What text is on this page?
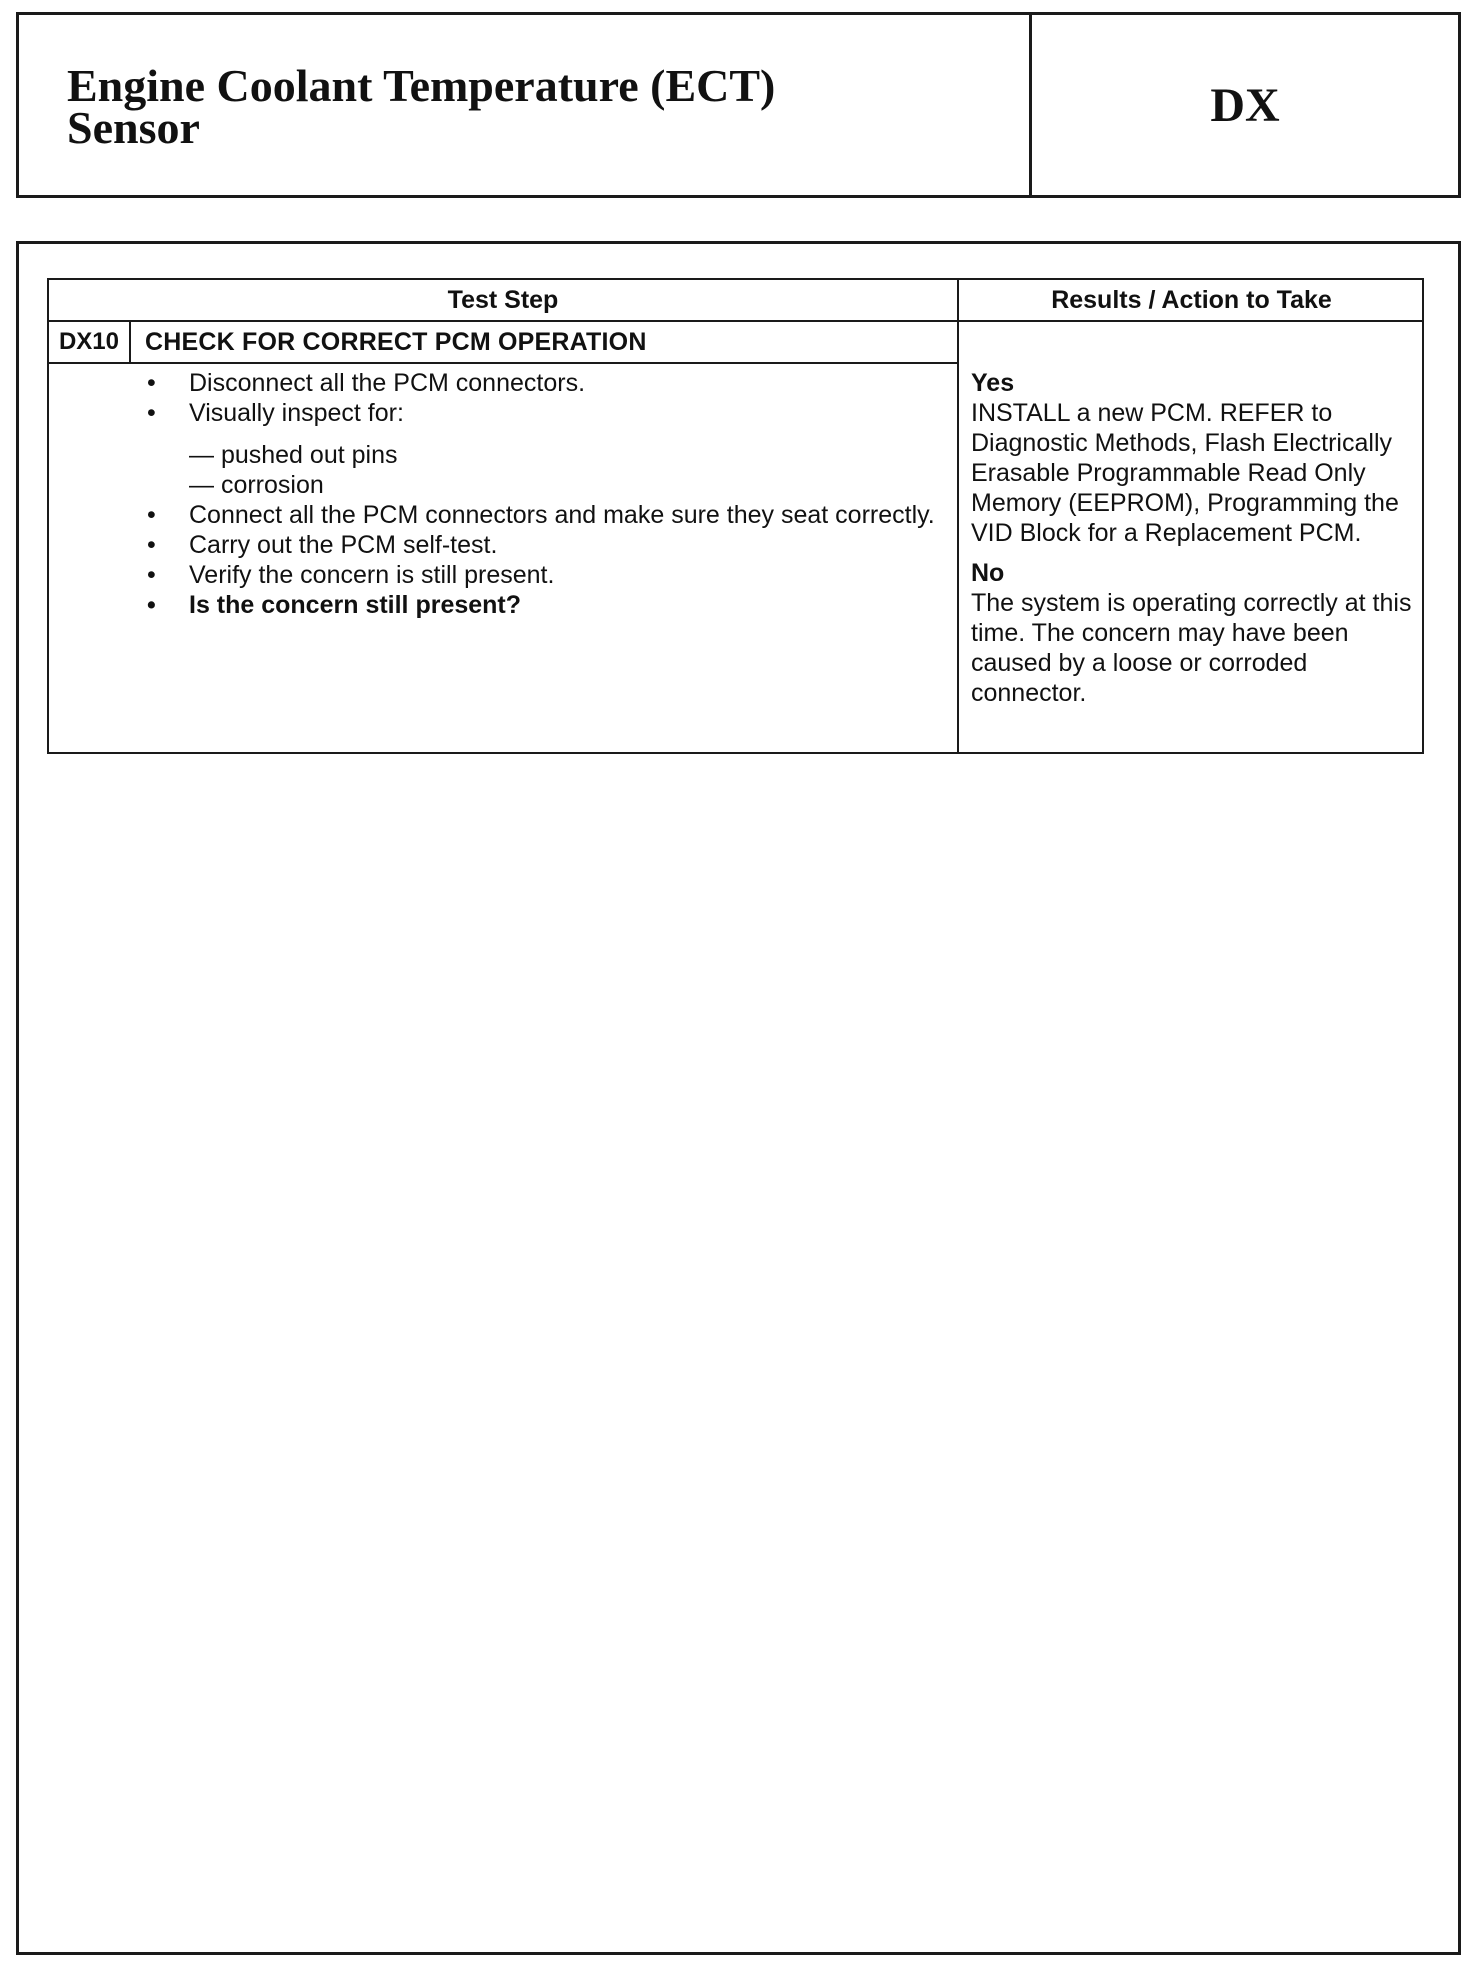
Engine Coolant Temperature (ECT)
Sensor	DX
Test Step	Results / Action to Take
DX10	CHECK FOR CORRECT PCM OPERATION
• Disconnect all the PCM connectors.
• Visually inspect for:
— pushed out pins
— corrosion
• Connect all the PCM connectors and make sure they seat correctly.
• Carry out the PCM self-test.
• Verify the concern is still present.
• Is the concern still present?
Yes
INSTALL a new PCM. REFER to Diagnostic Methods, Flash Electrically Erasable Programmable Read Only Memory (EEPROM), Programming the VID Block for a Replacement PCM.
No
The system is operating correctly at this time. The concern may have been caused by a loose or corroded connector.
